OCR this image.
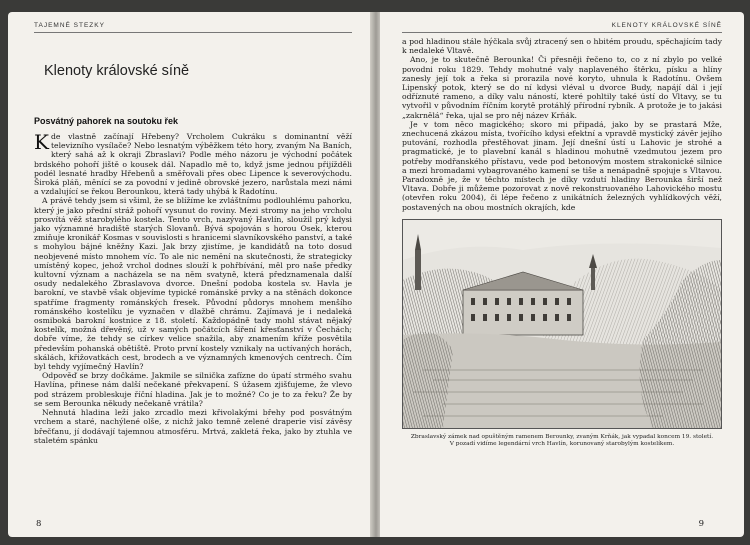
TAJEMNÉ STEZKY
Klenoty královské síně
Posvátný pahorek na soutoku řek

Kde vlastně začínají Hřebeny? Vrcholem Cukráku s dominantní věží televizního vysílače? Nebo lesnatým výběžkem této hory, zvaným Na Baních, který sahá až k okraji Zbraslavi? Podle mého názoru je východní počátek brdského pohoří jiště o kousek dál. Napadlo mě to, když jsme jednou přijížděli podél lesnaté hradby Hřebenů a směřovali přes obec Lipence k severovýchodu. Široká pláň, měnící se za povodní v jedině obrovské jezero, narůstala mezi námi a vzdalující se řekou Berounkou, která tady uhýbá k Radotínu.

A právě tehdy jsem si všiml, že se blížíme ke zvláštnímu podlouhlému pahorku, který je jako přední stráž pohoří vysunut do roviny. Mezi stromy na jeho vrcholu prosvítá věž starobylého kostela. Tento vrch, nazývaný Havlín, sloužil prý kdysi jako významné hradiště starých Slovanů. Bývá spojován s horou Osek, kterou zmiňuje kronikář Kosmas v souvislosti s hranicemi slavníkovského panství, a také s mohylou bájné kněžny Kazi. Jak brzy zjistíme, je kandidátů na toto dosud neobjevené místo mnohem víc. To ale nic nemění na skutečnosti, že strategicky umístěný kopec, jehož vrchol dodnes slouží k pohřbívání, měl pro naše předky kultovní význam a nacházela se na něm svatyně, která předznamenala další osudy nedalekého Zbraslavova dvorce. Dnešní podoba kostela sv. Havla je barokní, ve stavbě však objevíme typické románské prvky a na stěnách dokonce spatříme fragmenty románských fresek. Původní půdorys mnohem menšího románského kostelíku je vyznačen v dlažbě chrámu. Zajímavá je i nedaleká osmiboká barokní kostnice z 18. století. Každopádně tady mohl stávat nějaký kostelík, možná dřevěný, už v samých počátcích šíření křesťanství v Čechách; dobře víme, že tehdy se církev velice snažila, aby znamením kříže posvětila především pohanská obětiště. Proto první kostely vznikaly na uctívaných horách, skálách, křižovatkách cest, brodech a ve významných kmenových centrech. Čím byl tehdy vyjímečný Havlín?

Odpověď se brzy dočkáme. Jakmile se silnička zafízne do úpatí strmého svahu Havlína, přinese nám další nečekané překvapení. S úžasem zjišťujeme, že vlevo pod strázem probleskuje říční hladina. Jak je to možné? Co je to za řeku? Že by se sem Berounka někudy nečekaně vrátila?

Nehnutá hladina leží jako zrcadlo mezi křivolakými břehy pod posvátným vrchem a staré, nachýlené olše, z nichž jako temně zelené draperie visí závěsy břečťanu, jí dodávají tajemnou atmosféru. Mrtvá, zakletá řeka, jako by ztuhla ve staletém spánku

8
KLENOTY KRÁLOVSKÉ SÍNĚ

a pod hladinou stále hýčkala svůj ztracený sen o hbitém proudu, spěchajícím tady k nedaleké Vltavě.

Ano, je to skutečně Berounka! Či přesněji řečeno to, co z ní zbylo po velké povodni roku 1829. Tehdy mohutné valy naplaveného štěrku, písku a hlíny zanesly její tok a řeka si prorazila nové koryto, uhnula k Radotínu. Ovšem Lipenský potok, který se do ní kdysi vléval u dvorce Budy, napájí dál i její odříznuté rameno, a díky valu náností, které pohltily také ústí do Vltavy, se tu vytvořil v původním říčním korytě protáhlý přírodní rybník. A protože je to jakási „zakrnělá“ řeka, ujal se pro něj název Krňák.

Je v tom něco magického; skoro mi připadá, jako by se prastará Mže, znechucená zkázou místa, tvořícího kdysi efektní a vpravdě mystický závěr jejího putování, rozhodla přestěhovat jinam. Její dnešní ústí u Lahovic je strohé a pragmatické, je to plavební kanál s hladinou mohutně vzedmutou jezem pro potřeby modřanského přístavu, vede pod betonovým mostem strakonické silnice a mezi hromadami vybagrovaného kamení se tiše a nenápadně spojuje s Vltavou. Paradoxně je, že v těchto místech je díky vzdutí hladiny Berounka širší než Vltava. Dobře ji můžeme pozorovat z nově rekonstruovaného Lahovického mostu (otevřen roku 2004), či lépe řečeno z unikátních železných vyhlídkových věží, postavených na obou mostních okrajích, kde

Zbraslavský zámek nad opuštěným ramenem Berounky, zvaným Krňák, jak vypadal koncem 19. století.
V pozadí vidíme legendární vrch Havlín, korunovaný starobylým kostelíkem.
9
